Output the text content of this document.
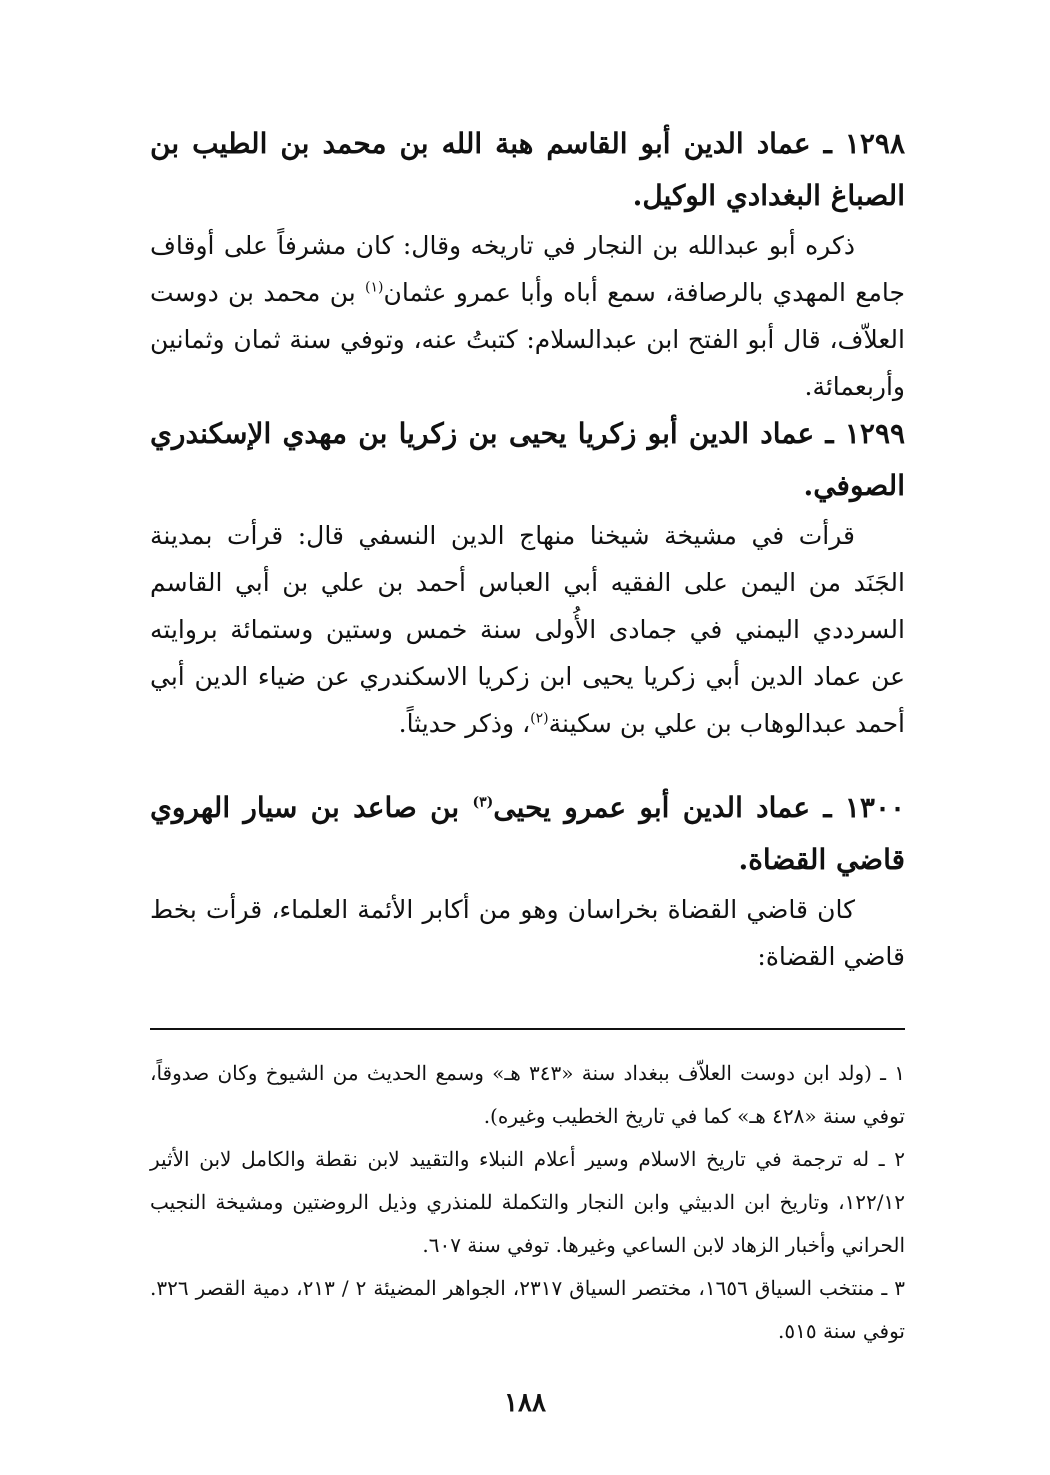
١٢٩٨ ـ عماد الدين أبو القاسم هبة الله بن محمد بن الطيب بن الصباغ البغدادي الوكيل.

ذكره أبو عبدالله بن النجار في تاريخه وقال: كان مشرفاً على أوقاف جامع المهدي بالرصافة، سمع أباه وأبا عمرو عثمان$^{(١)}$ بن محمد بن دوست العلاّف، قال أبو الفتح ابن عبدالسلام: كتبتُ عنه، وتوفي سنة ثمان وثمانين وأربعمائة.

١٢٩٩ ـ عماد الدين أبو زكريا يحيى بن زكريا بن مهدي الإسكندري الصوفي.

قرأت في مشيخة شيخنا منهاج الدين النسفي قال: قرأت بمدينة الجَنَد من اليمن على الفقيه أبي العباس أحمد بن علي بن أبي القاسم السرددي اليمني في جمادى الأُولى سنة خمس وستين وستمائة بروايته عن عماد الدين أبي زكريا يحيى ابن زكريا الاسكندري عن ضياء الدين أبي أحمد عبدالوهاب بن علي بن سكينة$^{(٢)}$، وذكر حديثاً.

١٣٠٠ ـ عماد الدين أبو عمرو يحيى$^{(٣)}$ بن صاعد بن سيار الهروي قاضي القضاة.

كان قاضي القضاة بخراسان وهو من أكابر الأئمة العلماء، قرأت بخط قاضي القضاة:

١ ـ (ولد ابن دوست العلاّف ببغداد سنة «٣٤٣ هـ» وسمع الحديث من الشيوخ وكان صدوقاً، توفي سنة «٤٢٨ هـ» كما في تاريخ الخطيب وغيره).

٢ ـ له ترجمة في تاريخ الاسلام وسير أعلام النبلاء والتقييد لابن نقطة والكامل لابن الأثير ١٢٢/١٢، وتاريخ ابن الدبيثي وابن النجار والتكملة للمنذري وذيل الروضتين ومشيخة النجيب الحراني وأخبار الزهاد لابن الساعي وغيرها. توفي سنة ٦٠٧.

٣ ـ منتخب السياق ١٦٥٦، مختصر السياق ٢٣١٧، الجواهر المضيئة ٢ / ٢١٣، دمية القصر ٣٢٦. توفي سنة ٥١٥.

١٨٨
